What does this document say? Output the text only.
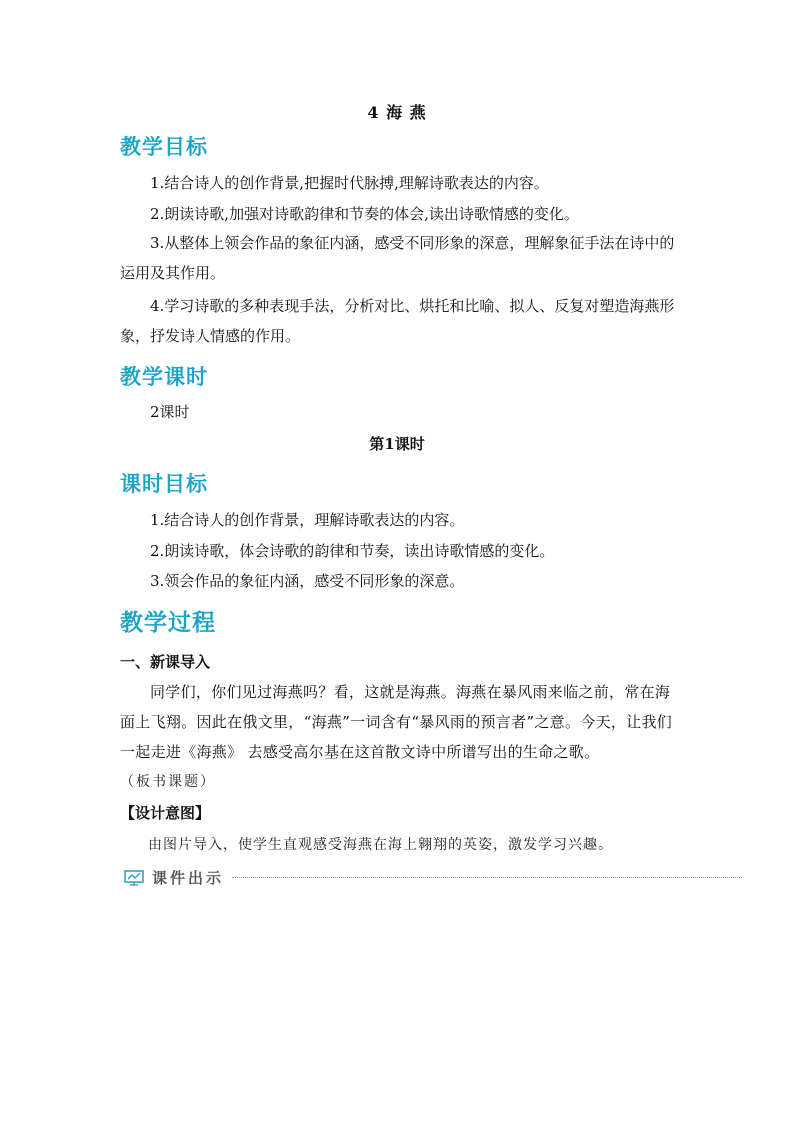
4 海 燕
教学目标
1.结合诗人的创作背景,把握时代脉搏,理解诗歌表达的内容。
2.朗读诗歌,加强对诗歌韵律和节奏的体会,读出诗歌情感的变化。
3.从整体上领会作品的象征内涵，感受不同形象的深意，理解象征手法在诗中的运用及其作用。
4.学习诗歌的多种表现手法，分析对比、烘托和比喻、拟人、反复对塑造海燕形象，抒发诗人情感的作用。
教学课时
2课时
第1课时
课时目标
1.结合诗人的创作背景，理解诗歌表达的内容。
2.朗读诗歌，体会诗歌的韵律和节奏，读出诗歌情感的变化。
3.领会作品的象征内涵，感受不同形象的深意。
教学过程
一、新课导入
同学们，你们见过海燕吗？看，这就是海燕。海燕在暴风雨来临之前，常在海面上飞翔。因此在俄文里，“海燕”一词含有“暴风雨的预言者”之意。今天，让我们一起走进《海燕》 去感受高尔基在这首散文诗中所谱写出的生命之歌。
（板书课题）
【设计意图】
由图片导入，使学生直观感受海燕在海上翱翔的英姿，激发学习兴趣。
课件出示
